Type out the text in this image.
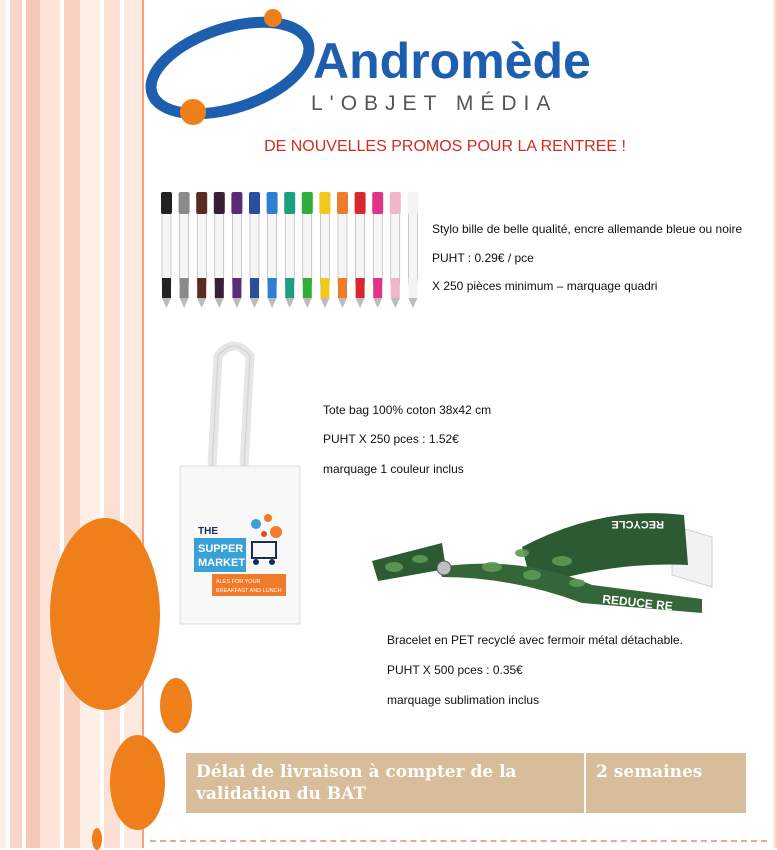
Andromède
L'OBJET MÉDIA
DE NOUVELLES PROMOS POUR LA RENTREE !
Stylo bille de belle qualité, encre allemande bleue ou noire
PUHT : 0.29€ / pce
X 250 pièces minimum – marquage quadri
THE
SUPPER
MARKET
ALES FOR YOUR
BREAKFAST AND LUNCH
Tote bag 100% coton 38x42 cm
PUHT X 250 pces : 1.52€
marquage 1 couleur inclus
REDUCE RE
RECYCLE
Bracelet en PET recyclé avec fermoir métal détachable.
PUHT X 500 pces : 0.35€
marquage sublimation inclus
Délai de livraison à compter de la validation du BAT	2 semaines
